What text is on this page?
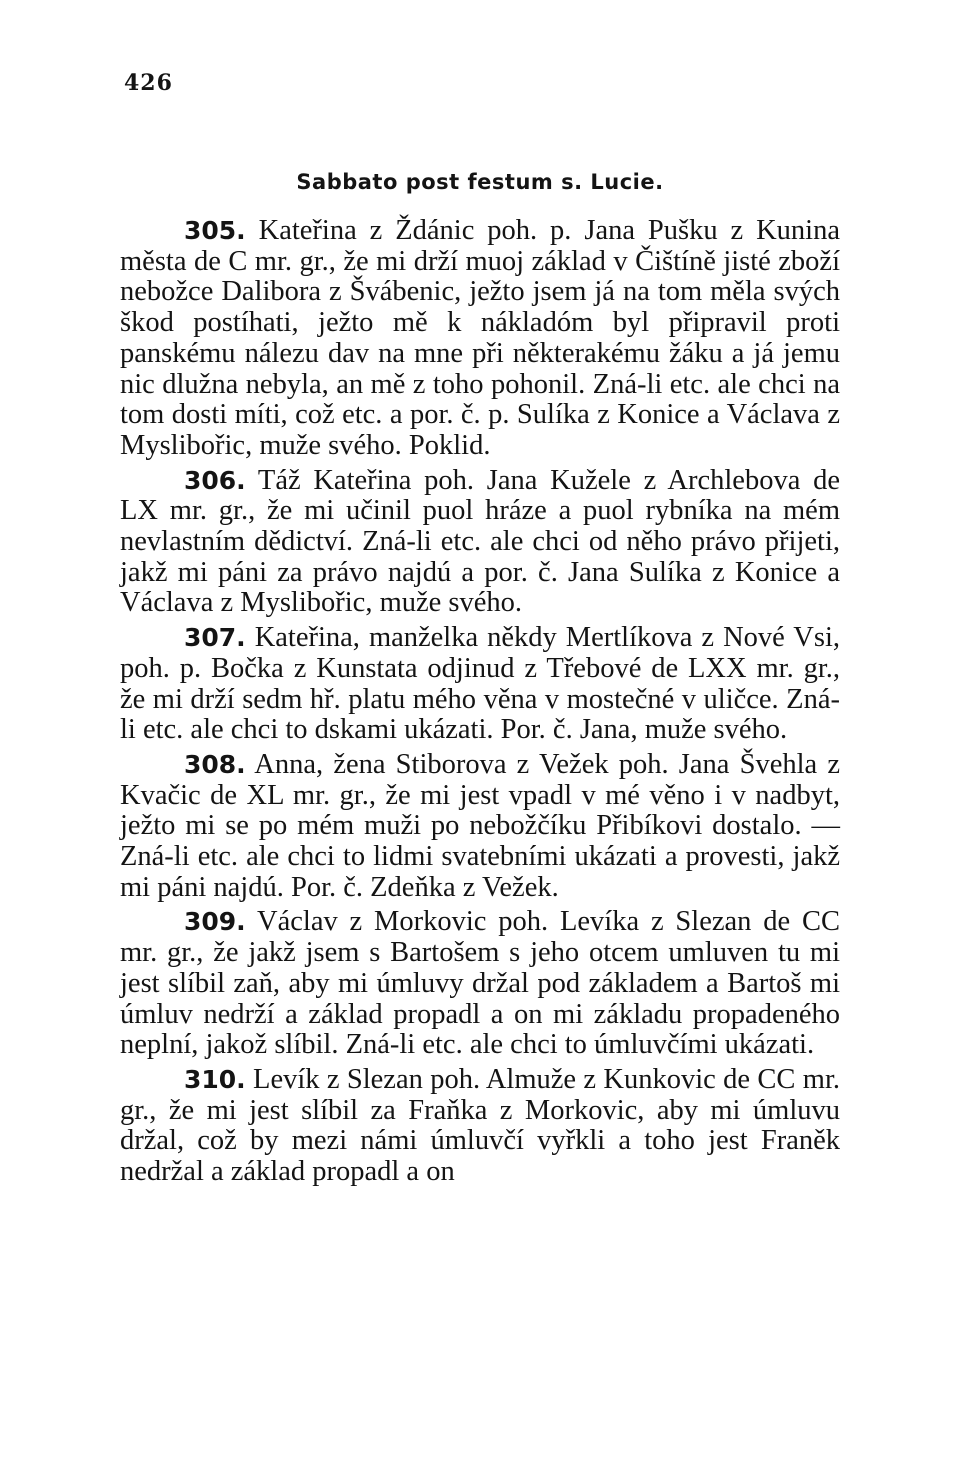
426
Sabbato post festum s. Lucie.

305. Kateřina z Ždánic poh. p. Jana Pušku z Kunina města de C mr. gr., že mi drží muoj základ v Čištíně jisté zboží nebožce Dalibora z Švábenic, ježto jsem já na tom měla svých škod postíhati, ježto mě k nákladóm byl připravil proti panskému nálezu dav na mne při některakému žáku a já jemu nic dlužna nebyla, an mě z toho pohonil. Zná-li etc. ale chci na tom dosti míti, což etc. a por. č. p. Sulíka z Konice a Václava z Myslibořic, muže svého. Poklid.

306. Táž Kateřina poh. Jana Kužele z Archlebova de LX mr. gr., že mi učinil puol hráze a puol rybníka na mém nevlastním dědictví. Zná-li etc. ale chci od něho právo přijeti, jakž mi páni za právo najdú a por. č. Jana Sulíka z Konice a Václava z Myslibořic, muže svého.

307. Kateřina, manželka někdy Mertlíkova z Nové Vsi, poh. p. Bočka z Kunstata odjinud z Třebové de LXX mr. gr., že mi drží sedm hř. platu mého věna v mostečné v uličce. Zná-li etc. ale chci to dskami ukázati. Por. č. Jana, muže svého.

308. Anna, žena Stiborova z Vežek poh. Jana Švehla z Kvačic de XL mr. gr., že mi jest vpadl v mé věno i v nadbyt, ježto mi se po mém muži po nebožčíku Přibíkovi dostalo. — Zná-li etc. ale chci to lidmi svatebními ukázati a provesti, jakž mi páni najdú. Por. č. Zdeňka z Vežek.

309. Václav z Morkovic poh. Levíka z Slezan de CC mr. gr., že jakž jsem s Bartošem s jeho otcem umluven tu mi jest slíbil zaň, aby mi úmluvy držal pod základem a Bartoš mi úmluv nedrží a základ propadl a on mi základu propadeného neplní, jakož slíbil. Zná-li etc. ale chci to úmluvčími ukázati.

310. Levík z Slezan poh. Almuže z Kunkovic de CC mr. gr., že mi jest slíbil za Fraňka z Morkovic, aby mi úmluvu držal, což by mezi námi úmluvčí vyřkli a toho jest Franěk nedržal a základ propadl a on
